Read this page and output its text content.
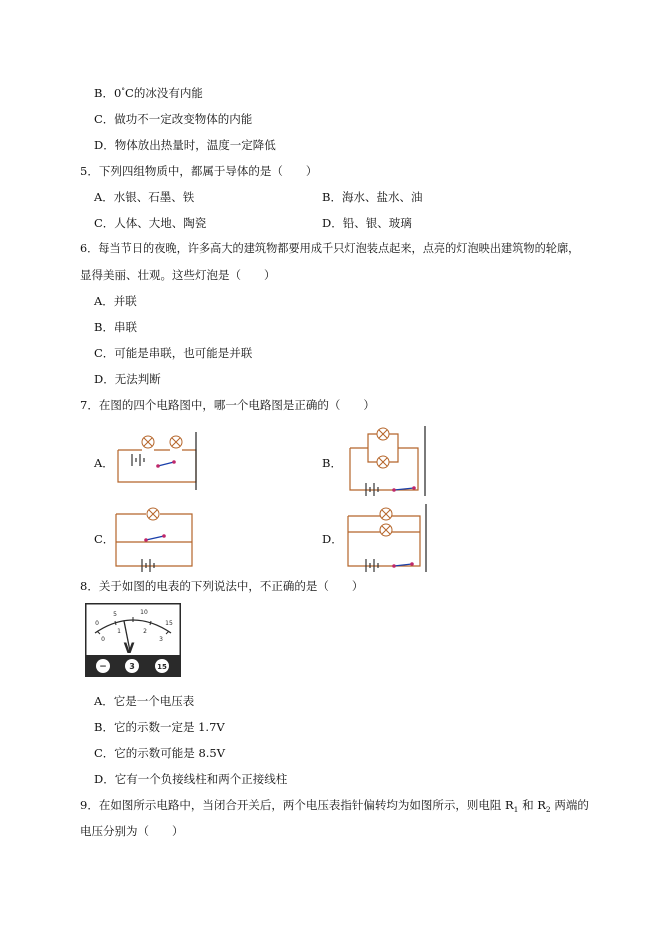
B．0°C的冰没有内能
C．做功不一定改变物体的内能
D．物体放出热量时，温度一定降低
5．下列四组物质中，都属于导体的是（　　）
A．水银、石墨、铁	B．海水、盐水、油
C．人体、大地、陶瓷	D．铅、银、玻璃
6．每当节日的夜晚，许多高大的建筑物都要用成千只灯泡装点起来，点亮的灯泡映出建筑物的轮廓，
显得美丽、壮观。这些灯泡是（　　）
A．并联
B．串联
C．可能是串联，也可能是并联
D．无法判断
7．在图的四个电路图中，哪一个电路图是正确的（　　）
A．	B．
C．	D．
8．关于如图的电表的下列说法中，不正确的是（　　）
0
5	10
15
0
1	2
3
V
−	3	15
A．它是一个电压表
B．它的示数一定是 1.7V
C．它的示数可能是 8.5V
D．它有一个负接线柱和两个正接线柱
9．在如图所示电路中，当闭合开关后，两个电压表指针偏转均为如图所示，则电阻 $R_1$ 和 $R_2$ 两端的
电压分别为（　　）
